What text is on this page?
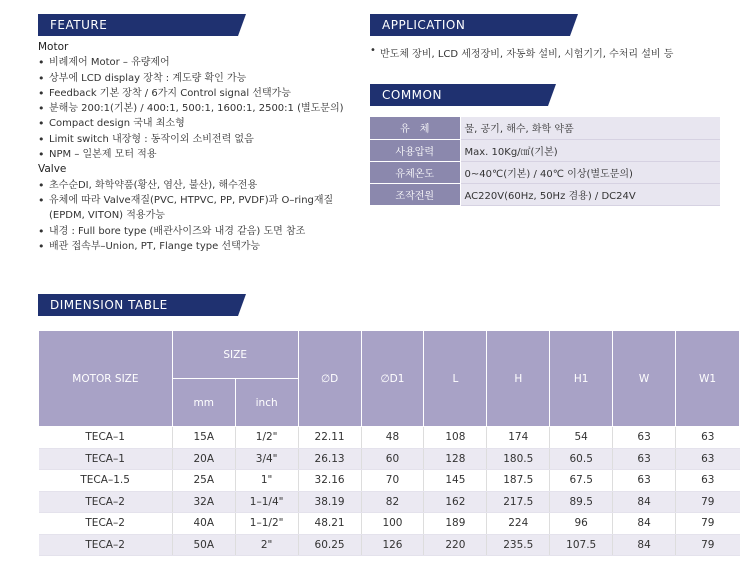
FEATURE	APPLICATION
COMMON
DIMENSION TABLE
Motor
• 비례제어 Motor – 유량제어
• 상부에 LCD display 장착 : 계도량 확인 가능
• Feedback 기본 장착 / 6가지 Control signal 선택가능
• 분해능 200:1(기본) / 400:1, 500:1, 1600:1, 2500:1 (별도문의)
• Compact design 국내 최소형
• Limit switch 내장형 : 동작이외 소비전력 없음
• NPM – 일본제 모터 적용
Valve
• 초수순DI, 화학약품(황산, 염산, 불산), 해수전용
• 유체에 따라 Valve재질(PVC, HTPVC, PP, PVDF)과 O–ring재질 (EPDM, VITON) 적용가능
• 내경 : Full bore type (배관사이즈와 내경 같음) 도면 참조
• 배관 접속부–Union, PT, Flange type 선택가능
• 반도체 장비, LCD 세정장비, 자동화 설비, 시험기기, 수처리 설비 등
유　체	물, 공기, 해수, 화학 약품
사용압력	Max. 10Kg/㎠(기본)
유체온도	0~40℃(기본) / 40℃ 이상(별도문의)
조작전원	AC220V(60Hz, 50Hz 겸용) / DC24V
MOTOR SIZE	SIZE		∅D	∅D1	L	H	H1	W	W1
	mm	inch							
TECA–1	15A	1/2"	22.11	48	108	174	54	63	63
TECA–1	20A	3/4"	26.13	60	128	180.5	60.5	63	63
TECA–1.5	25A	1"	32.16	70	145	187.5	67.5	63	63
TECA–2	32A	1–1/4"	38.19	82	162	217.5	89.5	84	79
TECA–2	40A	1–1/2"	48.21	100	189	224	96	84	79
TECA–2	50A	2"	60.25	126	220	235.5	107.5	84	79
